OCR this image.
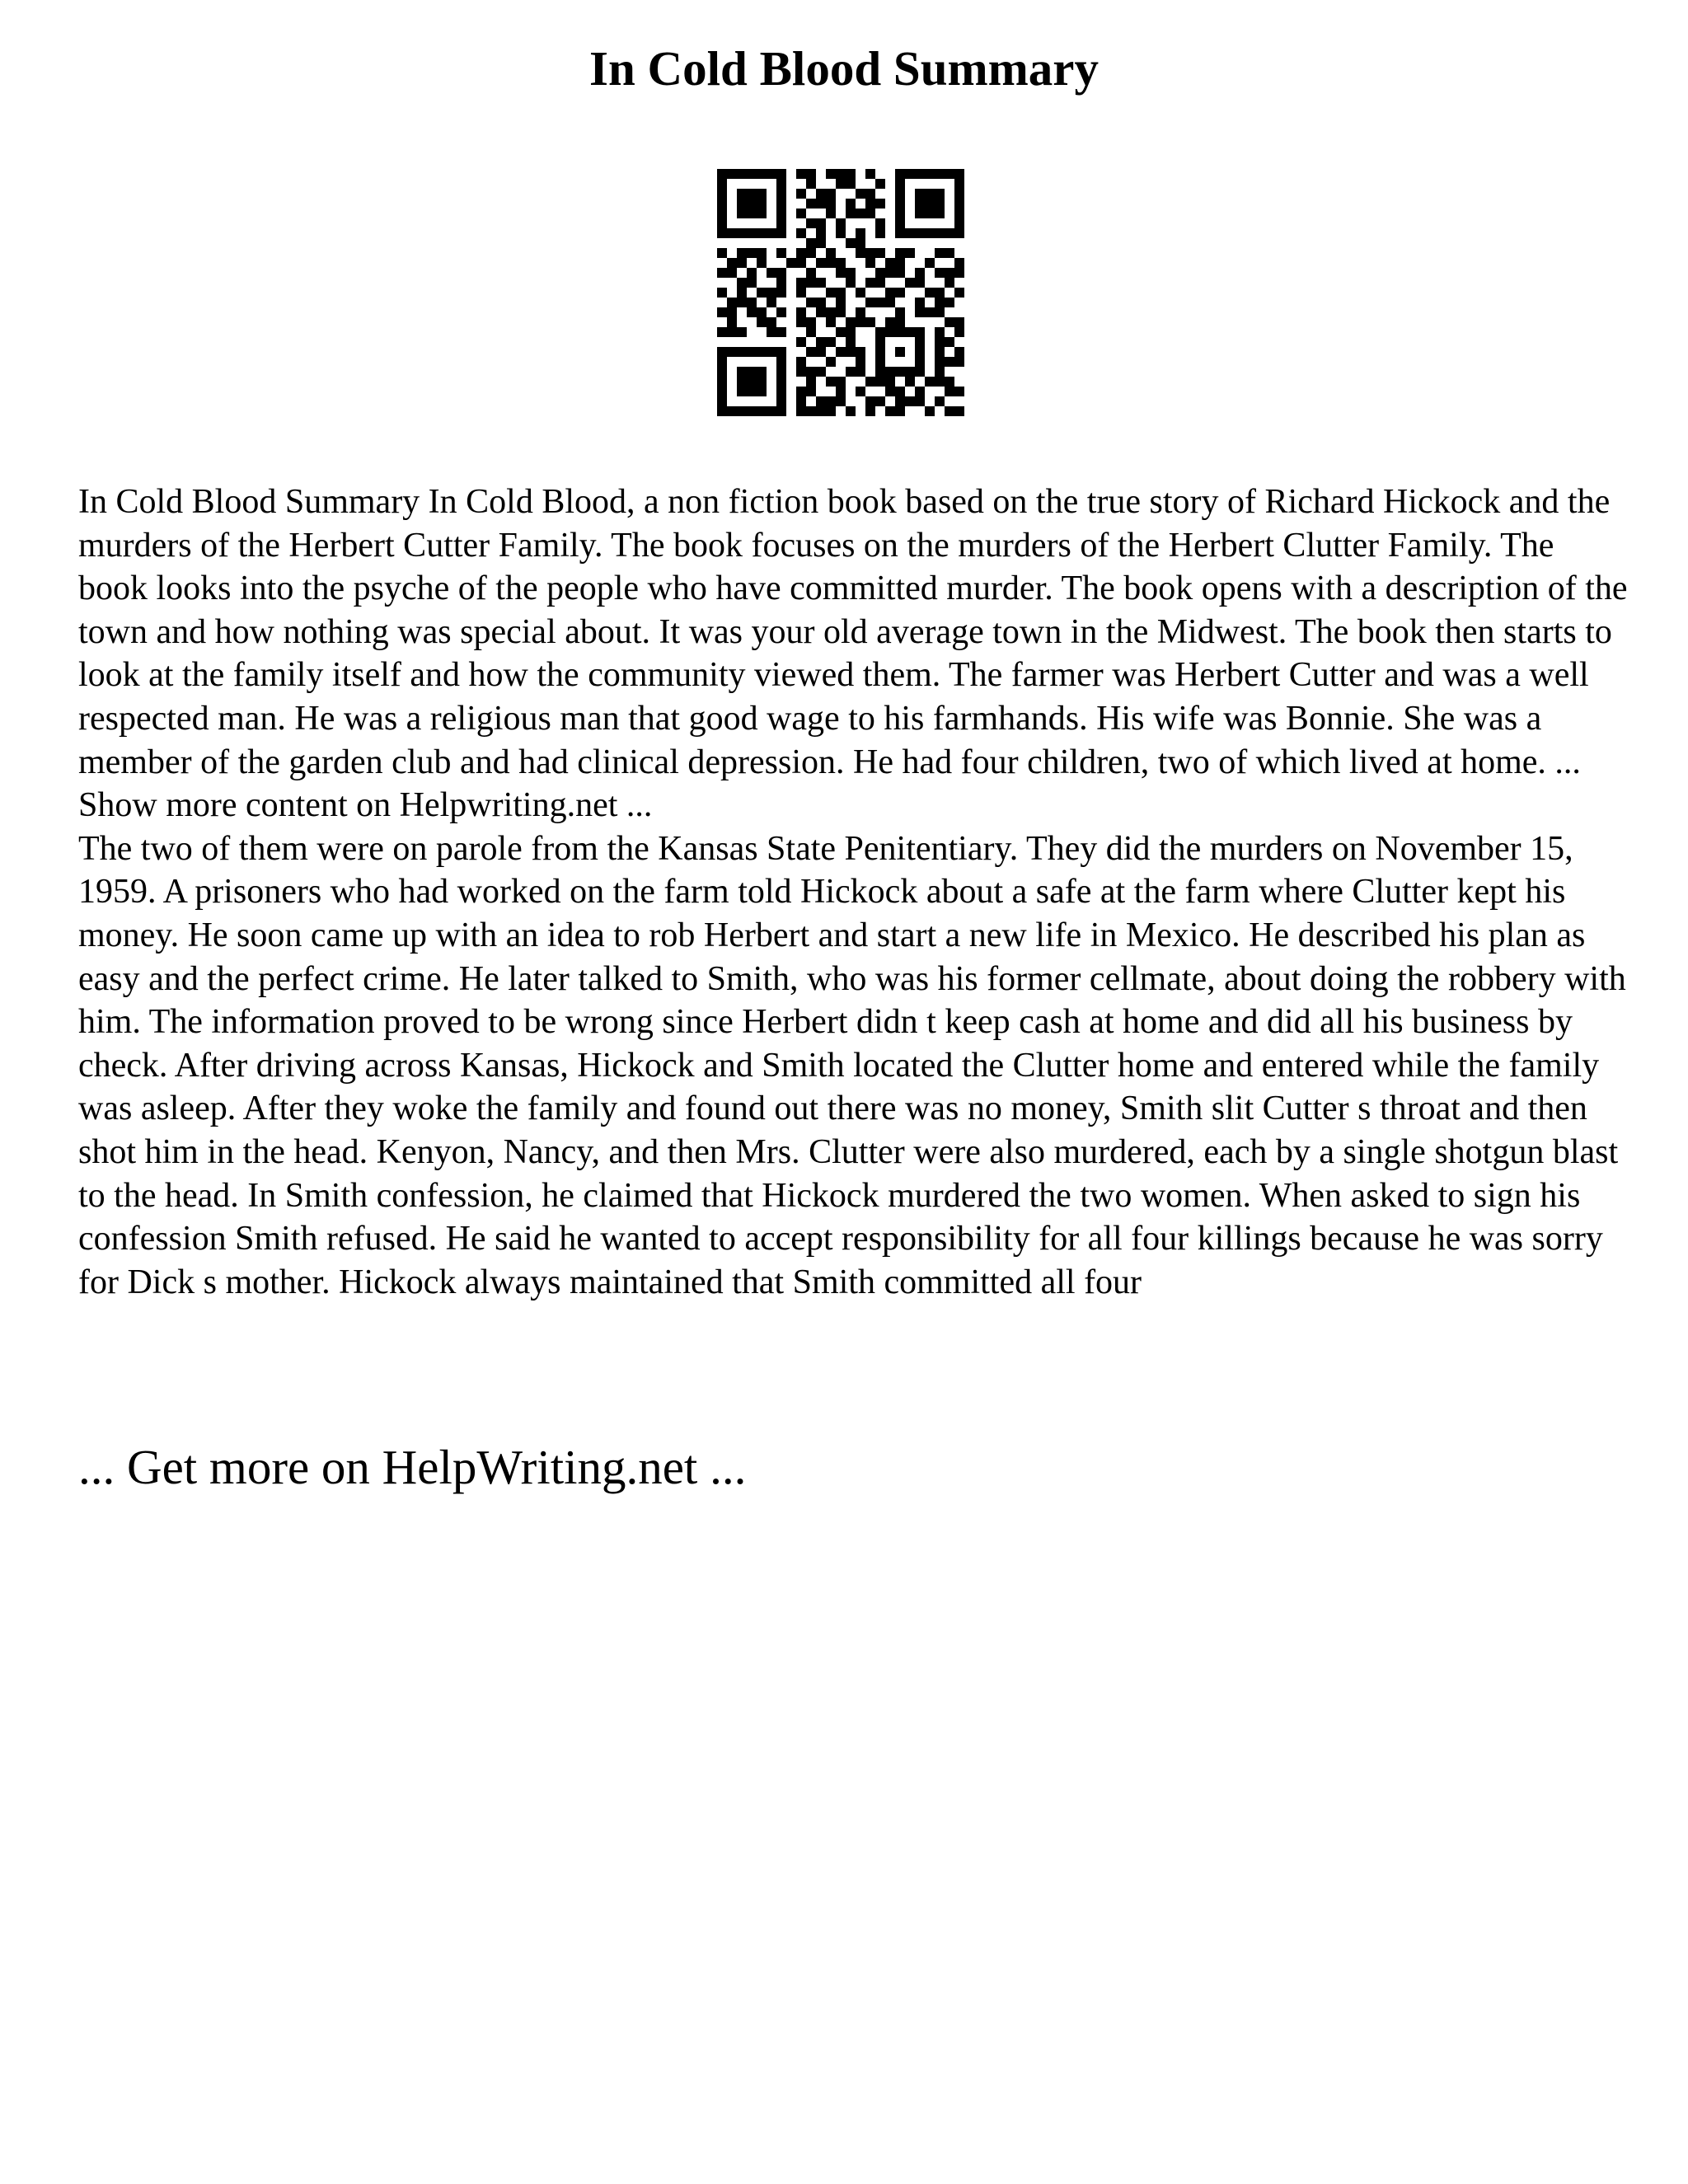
In Cold Blood Summary

In Cold Blood Summary In Cold Blood, a non fiction book based on the true story of Richard Hickock and the murders of the Herbert Cutter Family. The book focuses on the murders of the Herbert Clutter Family. The book looks into the psyche of the people who have committed murder. The book opens with a description of the town and how nothing was special about. It was your old average town in the Midwest. The book then starts to look at the family itself and how the community viewed them. The farmer was Herbert Cutter and was a well respected man. He was a religious man that good wage to his farmhands. His wife was Bonnie. She was a member of the garden club and had clinical depression. He had four children, two of which lived at home. ... Show more content on Helpwriting.net ...

The two of them were on parole from the Kansas State Penitentiary. They did the murders on November 15, 1959. A prisoners who had worked on the farm told Hickock about a safe at the farm where Clutter kept his money. He soon came up with an idea to rob Herbert and start a new life in Mexico. He described his plan as easy and the perfect crime. He later talked to Smith, who was his former cellmate, about doing the robbery with him. The information proved to be wrong since Herbert didn t keep cash at home and did all his business by check. After driving across Kansas, Hickock and Smith located the Clutter home and entered while the family was asleep. After they woke the family and found out there was no money, Smith slit Cutter s throat and then shot him in the head. Kenyon, Nancy, and then Mrs. Clutter were also murdered, each by a single shotgun blast to the head. In Smith confession, he claimed that Hickock murdered the two women. When asked to sign his confession Smith refused. He said he wanted to accept responsibility for all four killings because he was sorry for Dick s mother. Hickock always maintained that Smith committed all four

... Get more on HelpWriting.net ...
